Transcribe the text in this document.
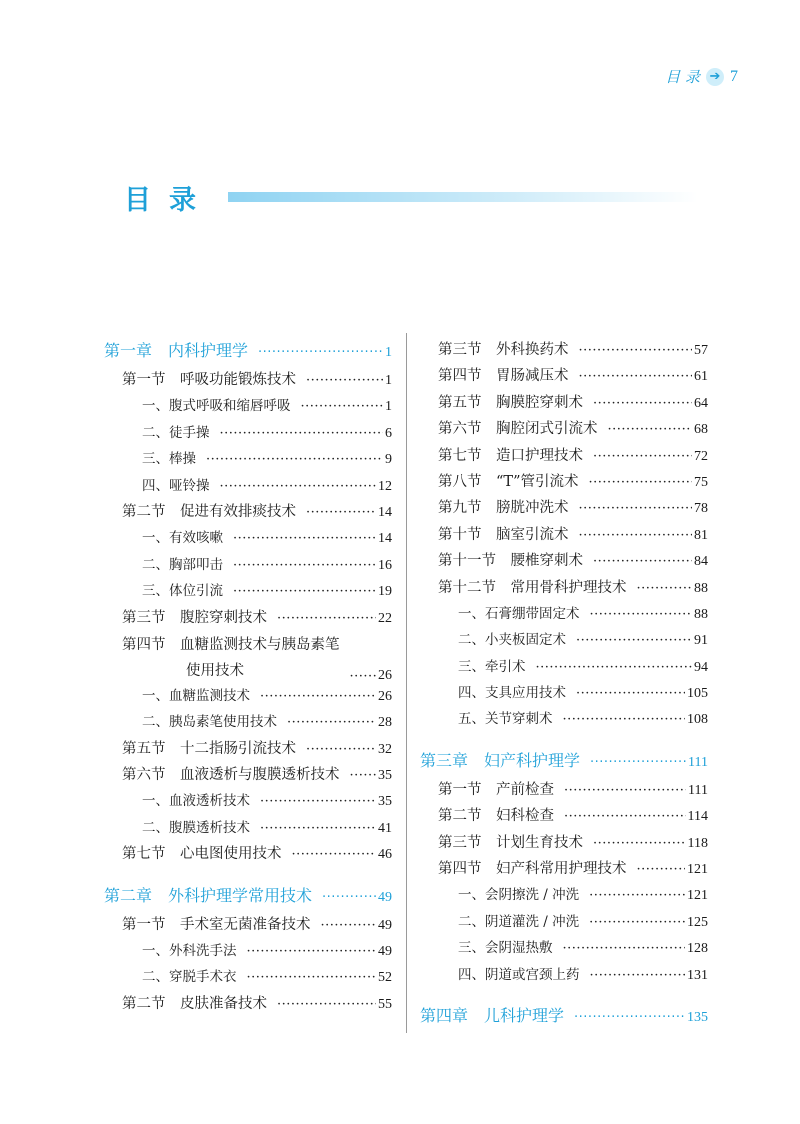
目 录 ➔ 7
目录
第一章　内科护理学 ·····	1
第一节　呼吸功能锻炼技术 ·····	1
一、腹式呼吸和缩唇呼吸 ·····	1
二、徒手操 ·····	6
三、棒操 ·····	9
四、哑铃操 ·····	12
第二节　促进有效排痰技术 ·····	14
一、有效咳嗽 ·····	14
二、胸部叩击 ·····	16
三、体位引流 ·····	19
第三节　腹腔穿刺技术 ·····	22
第四节　血糖监测技术与胰岛素笔
使用技术 ·····	26
一、血糖监测技术 ·····	26
二、胰岛素笔使用技术 ·····	28
第五节　十二指肠引流技术 ·····	32
第六节　血液透析与腹膜透析技术 ·····	35
一、血液透析技术 ·····	35
二、腹膜透析技术 ·····	41
第七节　心电图使用技术 ·····	46
第二章　外科护理学常用技术 ·····	49
第一节　手术室无菌准备技术 ·····	49
一、外科洗手法 ·····	49
二、穿脱手术衣 ·····	52
第二节　皮肤准备技术 ·····	55
第三节　外科换药术 ·····	57
第四节　胃肠减压术 ·····	61
第五节　胸膜腔穿刺术 ·····	64
第六节　胸腔闭式引流术 ·····	68
第七节　造口护理技术 ·····	72
第八节　“T”管引流术 ·····	75
第九节　膀胱冲洗术 ·····	78
第十节　脑室引流术 ·····	81
第十一节　腰椎穿刺术 ·····	84
第十二节　常用骨科护理技术 ·····	88
一、石膏绷带固定术 ·····	88
二、小夹板固定术 ·····	91
三、牵引术 ·····	94
四、支具应用技术 ·····	105
五、关节穿刺术 ·····	108
第三章　妇产科护理学 ·····	111
第一节　产前检查 ·····	111
第二节　妇科检查 ·····	114
第三节　计划生育技术 ·····	118
第四节　妇产科常用护理技术 ·····	121
一、会阴擦洗 / 冲洗 ·····	121
二、阴道灌洗 / 冲洗 ·····	125
三、会阴湿热敷 ·····	128
四、阴道或宫颈上药 ·····	131
第四章　儿科护理学 ·····	135
